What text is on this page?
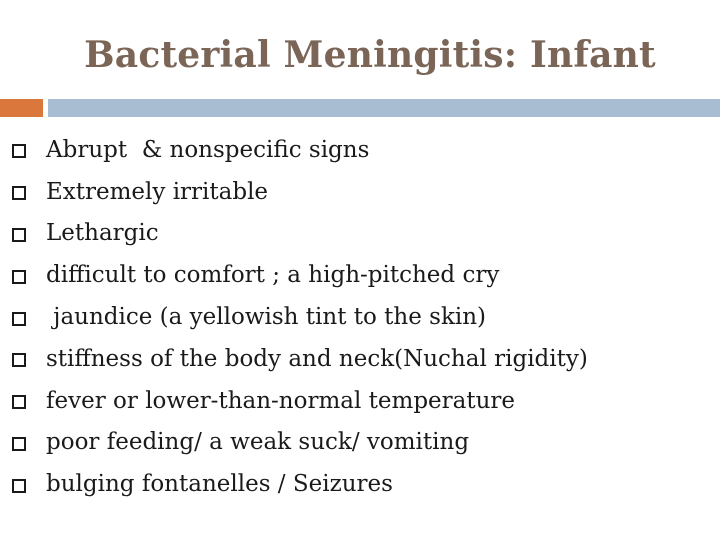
Bacterial Meningitis: Infant
Abrupt  & nonspecific signs
Extremely irritable
Lethargic
difficult to comfort ; a high-pitched cry
jaundice (a yellowish tint to the skin)
stiffness of the body and neck(Nuchal rigidity)
fever or lower-than-normal temperature
poor feeding/ a weak suck/ vomiting
bulging fontanelles / Seizures
